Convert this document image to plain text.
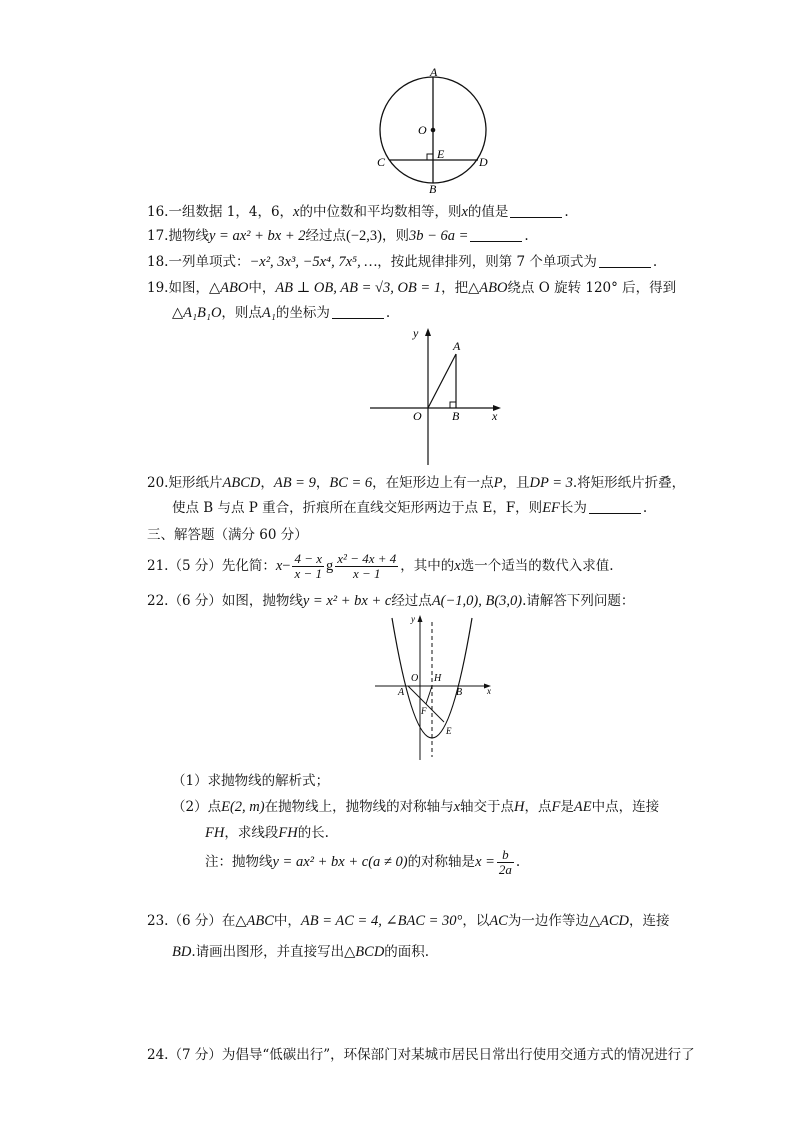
A
O
E
C	D
B
16.一组数据 1，4，6，x的中位数和平均数相等，则x的值是	.
17.抛物线y = ax² + bx + 2经过点(−2,3)，则3b − 6a =	.
18.一列单项式：−x², 3x³, −5x⁴, 7x⁵, …，按此规律排列，则第 7 个单项式为	.
19.如图，△ABO中，AB ⊥ OB, AB = √3, OB = 1，把△ABO绕点 O 旋转 120° 后，得到
△A₁B₁O，则点A₁的坐标为	.
y
A
O	B	x
20.矩形纸片ABCD，AB = 9，BC = 6，在矩形边上有一点P，且DP = 3.将矩形纸片折叠，
使点 B 与点 P 重合，折痕所在直线交矩形两边于点 E，F，则EF长为	.
三、解答题（满分 60 分）
21.（5 分）先化简：$x- \frac{4 - x}{x - 1}$ g $\frac{\text{x² − 4x + 4}}{x - 1}$ ，其中的x选一个适当的数代入求值.
22.（6 分）如图，抛物线y = x² + bx + c经过点A(−1,0), B(3,0).请解答下列问题：
y
O H
A	B	x
F
E
（1）求抛物线的解析式；
（2）点E(2, m)在抛物线上，抛物线的对称轴与x轴交于点H，点F是AE中点，连接
FH，求线段FH的长.
注：抛物线y = ax² + bx + c(a ≠ 0)的对称轴是$x = \frac{b}{2a}$ .
23.（6 分）在△ABC中，AB = AC = 4, ∠BAC = 30°，以AC为一边作等边△ACD，连接
BD.请画出图形，并直接写出△BCD的面积.
24.（7 分）为倡导“低碳出行”，环保部门对某城市居民日常出行使用交通方式的情况进行了
